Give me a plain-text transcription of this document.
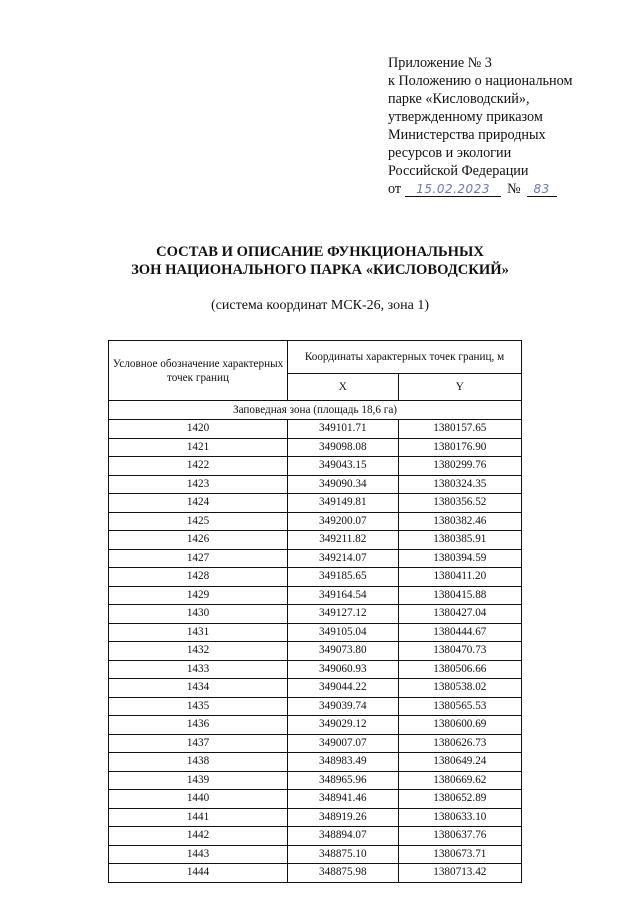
Приложение № 3
к Положению о национальном
парке «Кисловодский»,
утвержденному приказом
Министерства природных
ресурсов и экологии
Российской Федерации
от	15.02.2023	№	83
СОСТАВ И ОПИСАНИЕ ФУНКЦИОНАЛЬНЫХ
ЗОН НАЦИОНАЛЬНОГО ПАРКА «КИСЛОВОДСКИЙ»
(система координат МСК-26, зона 1)
Условное обозначение характерных точек границ	Координаты характерных точек границ, м	
	X	Y
Заповедная зона (площадь 18,6 га)		
1420	349101.71	1380157.65
1421	349098.08	1380176.90
1422	349043.15	1380299.76
1423	349090.34	1380324.35
1424	349149.81	1380356.52
1425	349200.07	1380382.46
1426	349211.82	1380385.91
1427	349214.07	1380394.59
1428	349185.65	1380411.20
1429	349164.54	1380415.88
1430	349127.12	1380427.04
1431	349105.04	1380444.67
1432	349073.80	1380470.73
1433	349060.93	1380506.66
1434	349044.22	1380538.02
1435	349039.74	1380565.53
1436	349029.12	1380600.69
1437	349007.07	1380626.73
1438	348983.49	1380649.24
1439	348965.96	1380669.62
1440	348941.46	1380652.89
1441	348919.26	1380633.10
1442	348894.07	1380637.76
1443	348875.10	1380673.71
1444	348875.98	1380713.42
